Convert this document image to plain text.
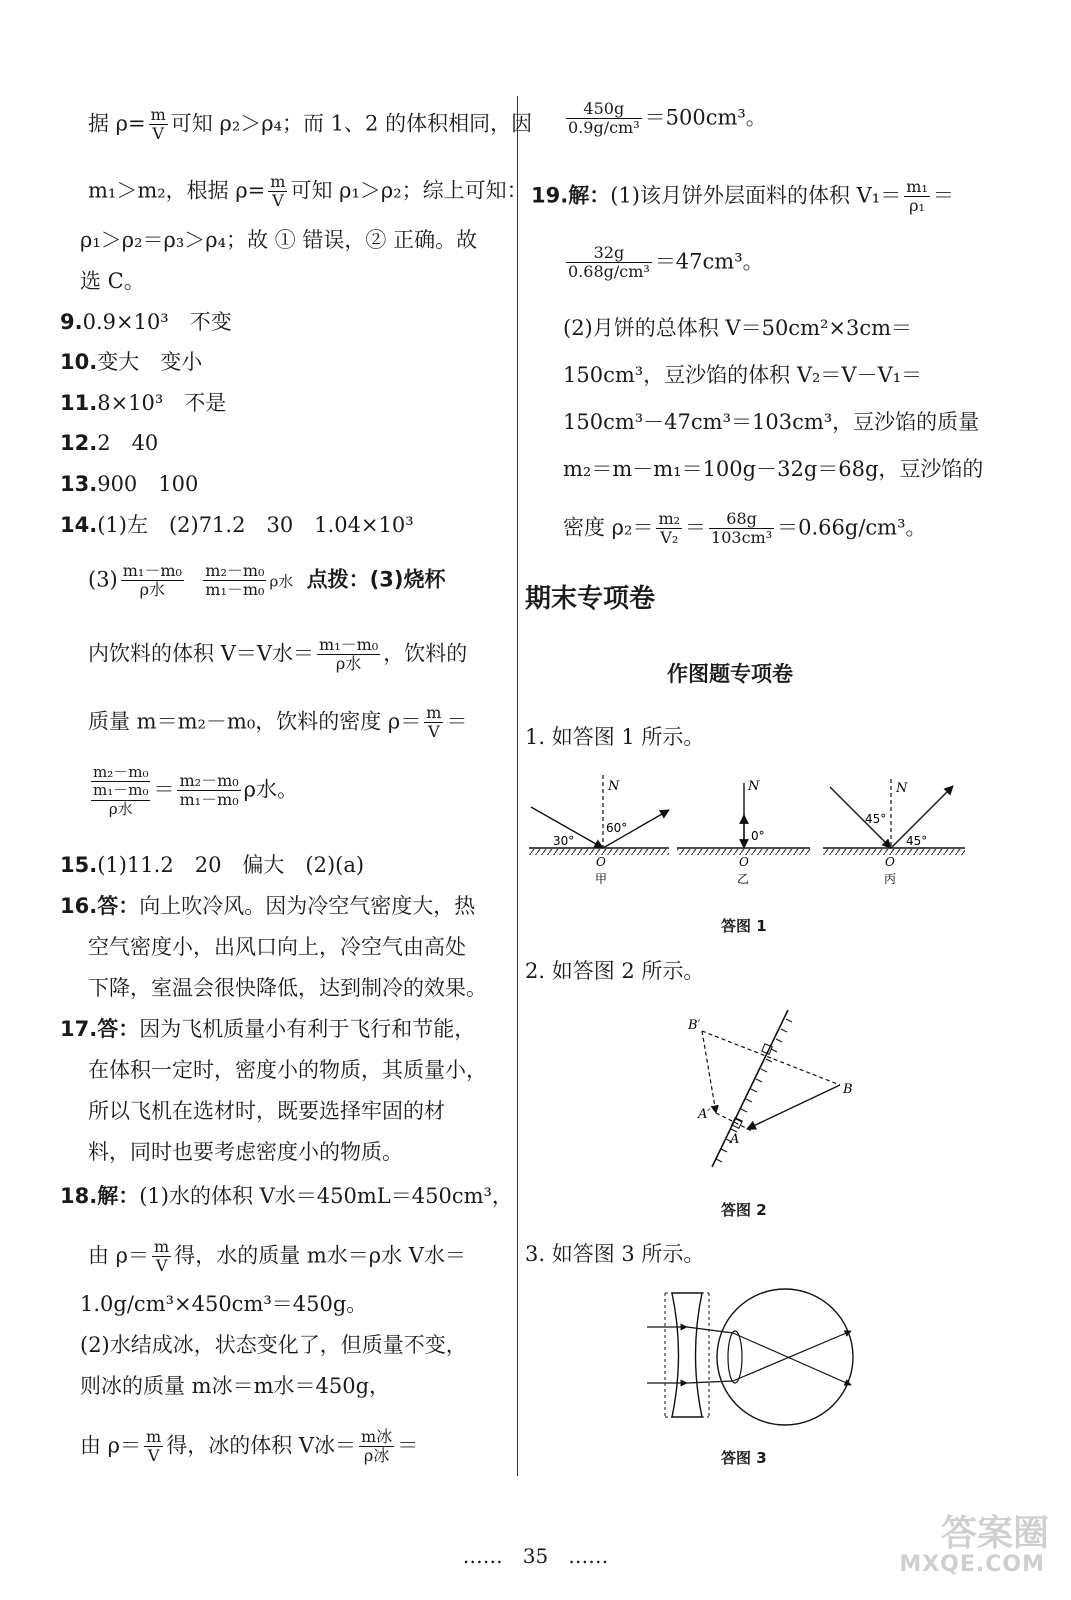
据 $\rho= \frac{m}{V}$ 可知 ρ₂＞ρ₄；而 1、2 的体积相同，因
m₁＞m₂，根据 $\rho= \frac{m}{V}$ 可知 ρ₁＞ρ₂；综上可知：
ρ₁＞ρ₂＝ρ₃＞ρ₄；故 ① 错误，② 正确。故
选 C。
9.0.9×10³　不变
10.变大　变小
11.8×10³　不是
12.2　40
13.900　100
14.(1)左　(2)71.2　30　1.04×10³
$(3) \frac{\text{m₁－m₀}}{\text{ρ水}}$
$\frac{\text{m₂－m₀}}{\text{m₁－m₀}}$ ρ水 点拨：(3)烧杯
内饮料的体积 V＝V水＝ $\frac{\text{m₁－m₀}}{\text{ρ水}}$ ，饮料的
质量 m＝m₂－m₀，饮料的密度 $\rho= \frac{m}{V}$ ＝
m₂－m₀
m₁－m₀
ρ水
＝ $\frac{\text{m₂－m₀}}{\text{m₁－m₀}}$ ρ水。
15.(1)11.2　20　偏大　(2)(a)
16.答：向上吹冷风。因为冷空气密度大，热
空气密度小，出风口向上，冷空气由高处
下降，室温会很快降低，达到制冷的效果。
17.答：因为飞机质量小有利于飞行和节能，
在体积一定时，密度小的物质，其质量小，
所以飞机在选材时，既要选择牢固的材
料，同时也要考虑密度小的物质。
18.解：(1)水的体积 V水＝450mL＝450cm³，
由 $\rho= \frac{m}{V}$ 得，水的质量 m水＝ρ水 V水＝
1.0g/cm³×450cm³＝450g。
(2)水结成冰，状态变化了，但质量不变，
则冰的质量 m冰＝m水＝450g，
由 $\rho= \frac{m}{V}$ 得，冰的体积 V冰＝ $\frac{\text{m冰}}{\text{ρ冰}}$ ＝
$\frac{450g}{\text{0.9g/cm³}} =500cm^3$。
19.解：(1)该月饼外层面料的体积 $V_1= \frac{\text{m₁}}{\text{ρ₁}}$ ＝
$\frac{32g}{\text{0.68g/cm³}} =47cm^3$。
(2)月饼的总体积 V＝50cm²×3cm＝
150cm³，豆沙馅的体积 V₂＝V－V₁＝
150cm³－47cm³＝103cm³，豆沙馅的质量
m₂＝m－m₁＝100g－32g＝68g，豆沙馅的
密度 $\rho_2= \frac{\text{m₂}}{\text{V₂}} = \frac{68g}{\text{103cm³}} =0.66g/cm^3$。
期末专项卷
作图题专项卷
1. 如答图 1 所示。
N
30°
60°
O
甲
N
0°
O
乙
N
45°
45°
O
丙
答图 1
2. 如答图 2 所示。
B′
B
A′
A
答图 2
3. 如答图 3 所示。
答图 3
……　35　……
答案圈
MXQE.COM
